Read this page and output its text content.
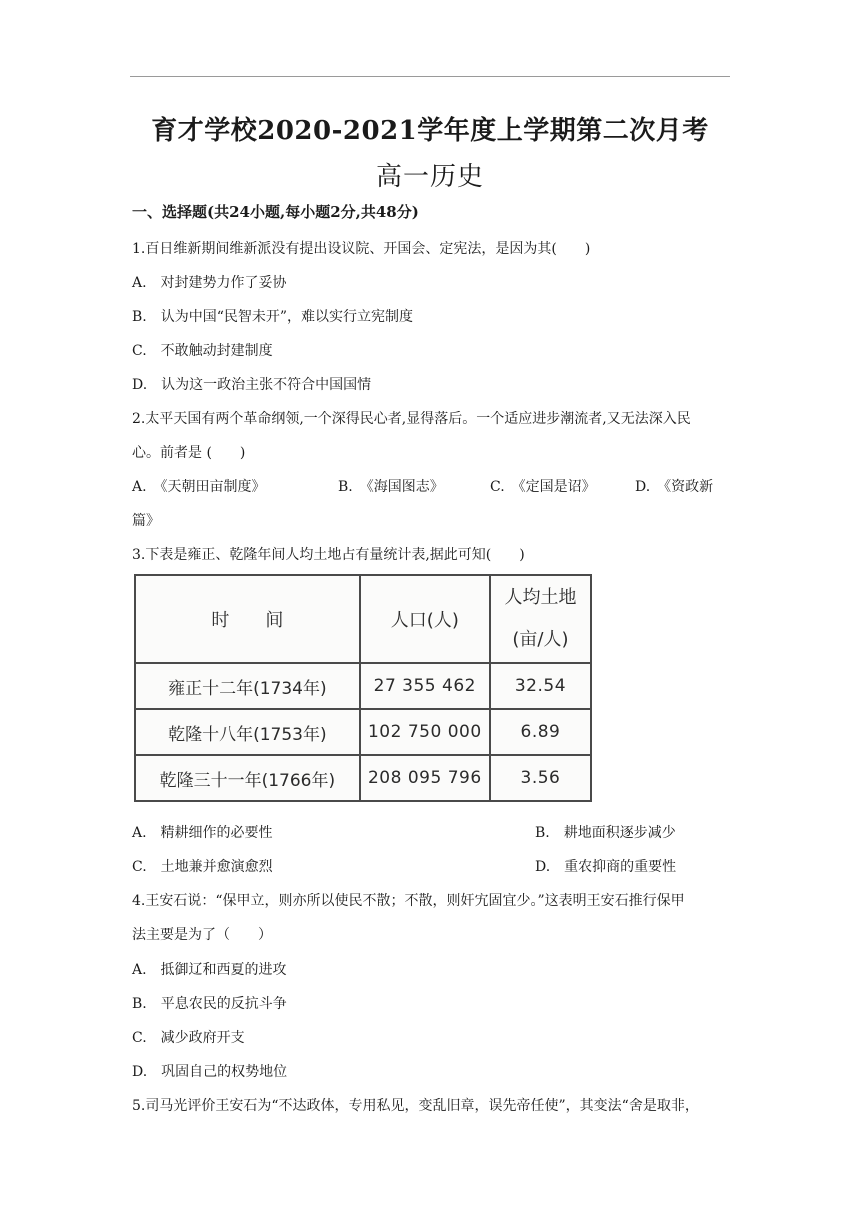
育才学校2020-2021学年度上学期第二次月考
高一历史
一、选择题(共24小题,每小题2分,共48分)
1.百日维新期间维新派没有提出设议院、开国会、定宪法，是因为其(　　)
A.　对封建势力作了妥协
B.　认为中国“民智未开”，难以实行立宪制度
C.　不敢触动封建制度
D.　认为这一政治主张不符合中国国情
2.太平天国有两个革命纲领,一个深得民心者,显得落后。一个适应进步潮流者,又无法深入民
心。前者是 (　　)
A.　《天朝田亩制度》	B.　《海国图志》	C.　《定国是诏》	D.　《资政新
篇》
3.下表是雍正、乾隆年间人均土地占有量统计表,据此可知(　　)
时　　间	人口(人)	人均土地
(亩/人)

雍正十二年(1734年)	27 355 462	32.54
乾隆十八年(1753年)	102 750 000	6.89
乾隆三十一年(1766年)	208 095 796	3.56
A.　精耕细作的必要性	B.　耕地面积逐步减少
C.　土地兼并愈演愈烈	D.　重农抑商的重要性
4.王安石说：“保甲立，则亦所以使民不散；不散，则奸宄固宜少。”这表明王安石推行保甲
法主要是为了（　　）
A.　抵御辽和西夏的进攻
B.　平息农民的反抗斗争
C.　减少政府开支
D.　巩固自己的权势地位
5.司马光评价王安石为“不达政体，专用私见，变乱旧章，误先帝任使”，其变法“舍是取非，
